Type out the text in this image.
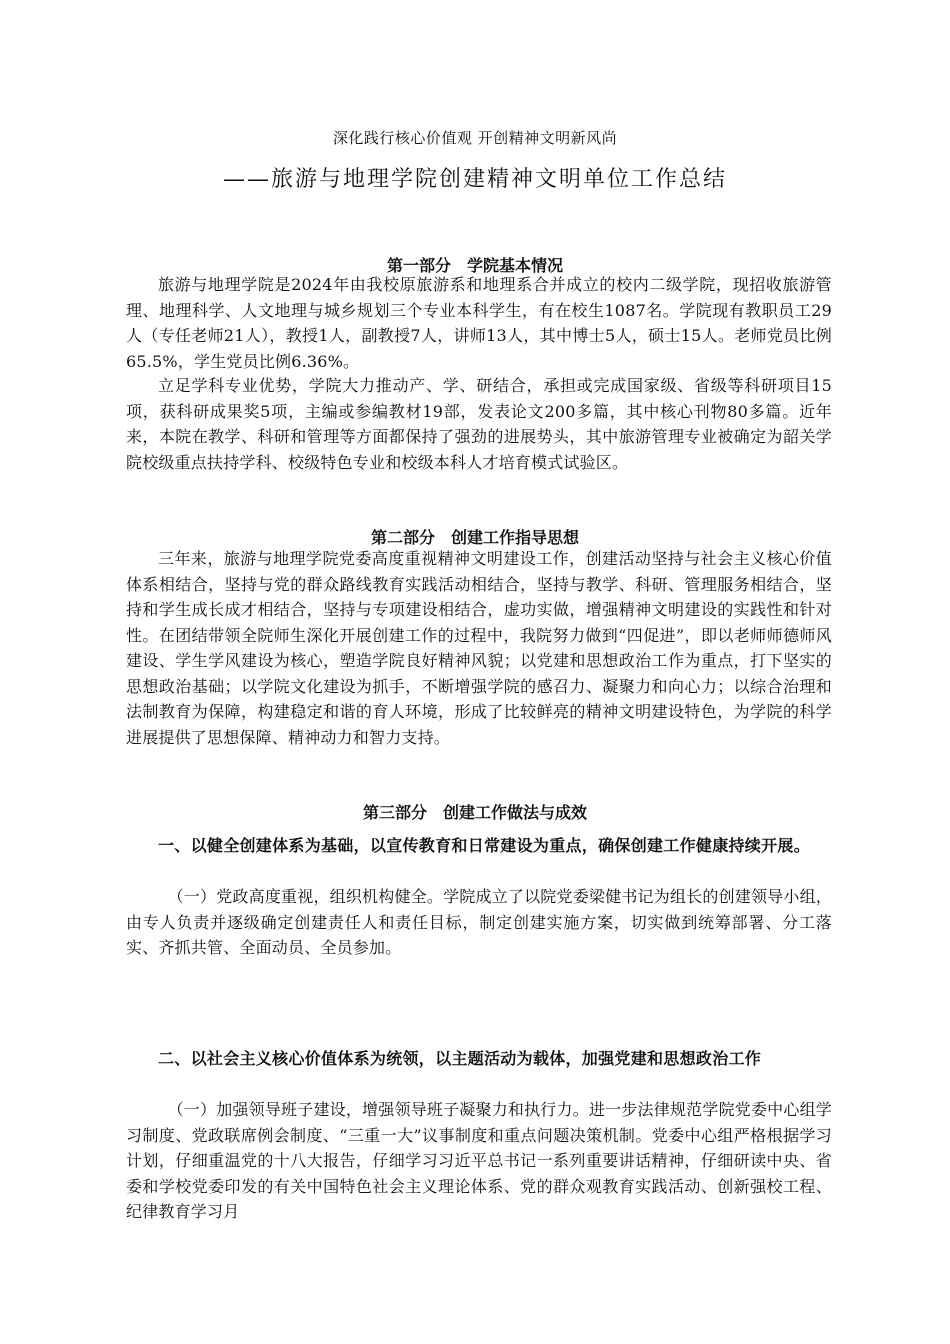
深化践行核心价值观 开创精神文明新风尚
——旅游与地理学院创建精神文明单位工作总结
第一部分　学院基本情况
旅游与地理学院是2024年由我校原旅游系和地理系合并成立的校内二级学院，现招收旅游管理、地理科学、人文地理与城乡规划三个专业本科学生，有在校生1087名。学院现有教职员工29人（专任老师21人），教授1人，副教授7人，讲师13人，其中博士5人，硕士15人。老师党员比例65.5%，学生党员比例6.36%。
立足学科专业优势，学院大力推动产、学、研结合，承担或完成国家级、省级等科研项目15项，获科研成果奖5项，主编或参编教材19部，发表论文200多篇，其中核心刊物80多篇。近年来，本院在教学、科研和管理等方面都保持了强劲的进展势头，其中旅游管理专业被确定为韶关学院校级重点扶持学科、校级特色专业和校级本科人才培育模式试验区。
第二部分　创建工作指导思想
三年来，旅游与地理学院党委高度重视精神文明建设工作，创建活动坚持与社会主义核心价值体系相结合，坚持与党的群众路线教育实践活动相结合，坚持与教学、科研、管理服务相结合，坚持和学生成长成才相结合，坚持与专项建设相结合，虚功实做，增强精神文明建设的实践性和针对性。在团结带领全院师生深化开展创建工作的过程中，我院努力做到“四促进”，即以老师师德师风建设、学生学风建设为核心，塑造学院良好精神风貌；以党建和思想政治工作为重点，打下坚实的思想政治基础；以学院文化建设为抓手，不断增强学院的感召力、凝聚力和向心力；以综合治理和法制教育为保障，构建稳定和谐的育人环境，形成了比较鲜亮的精神文明建设特色，为学院的科学进展提供了思想保障、精神动力和智力支持。
第三部分　创建工作做法与成效
一、以健全创建体系为基础，以宣传教育和日常建设为重点，确保创建工作健康持续开展。
（一）党政高度重视，组织机构健全。学院成立了以院党委梁健书记为组长的创建领导小组，由专人负责并逐级确定创建责任人和责任目标，制定创建实施方案，切实做到统筹部署、分工落实、齐抓共管、全面动员、全员参加。
二、以社会主义核心价值体系为统领，以主题活动为载体，加强党建和思想政治工作
（一）加强领导班子建设，增强领导班子凝聚力和执行力。进一步法律规范学院党委中心组学习制度、党政联席例会制度、“三重一大”议事制度和重点问题决策机制。党委中心组严格根据学习计划，仔细重温党的十八大报告，仔细学习习近平总书记一系列重要讲话精神，仔细研读中央、省委和学校党委印发的有关中国特色社会主义理论体系、党的群众观教育实践活动、创新强校工程、纪律教育学习月
